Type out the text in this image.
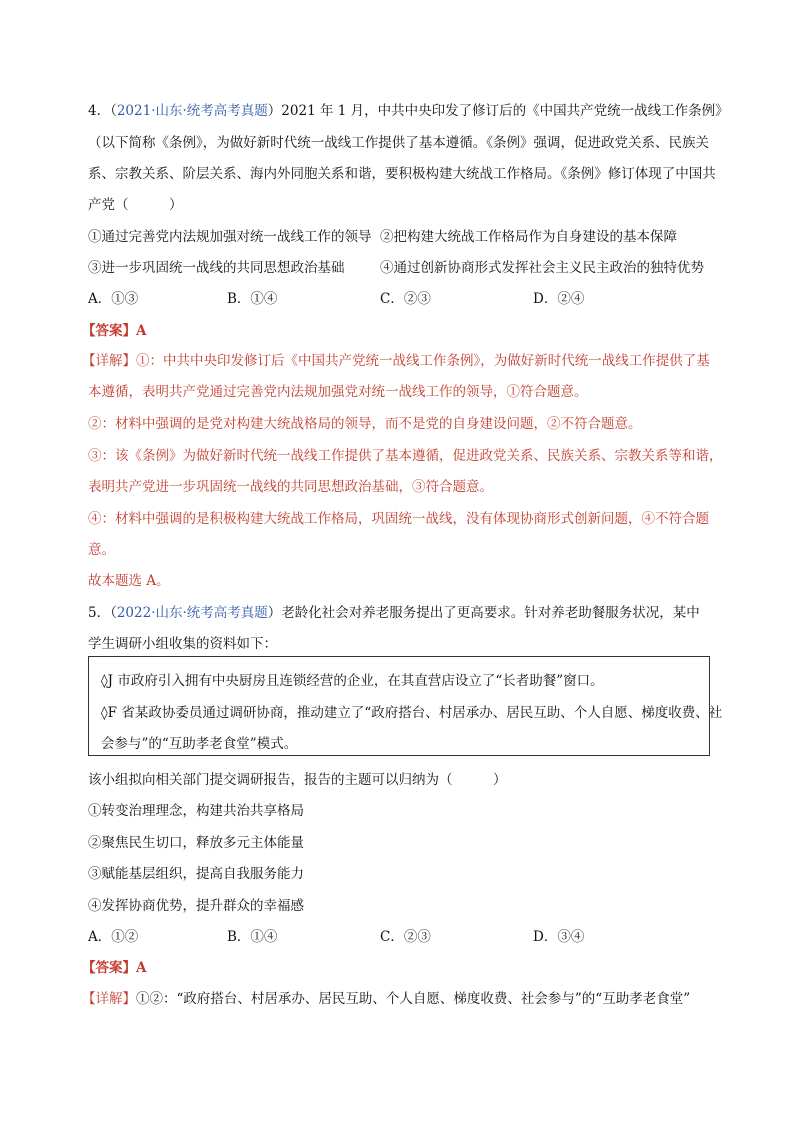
4．（2021·山东·统考高考真题）2021 年 1 月，中共中央印发了修订后的《中国共产党统一战线工作条例》
（以下简称《条例》，为做好新时代统一战线工作提供了基本遵循。《条例》强调，促进政党关系、民族关
系、宗教关系、阶层关系、海内外同胞关系和谐，要积极构建大统战工作格局。《条例》修订体现了中国共
产党（　　　）
①通过完善党内法规加强对统一战线工作的领导 ②把构建大统战工作格局作为自身建设的基本保障
③进一步巩固统一战线的共同思想政治基础	④通过创新协商形式发挥社会主义民主政治的独特优势
A．①③	B．①④	C．②③	D．②④
【答案】A
【详解】①：中共中央印发修订后《中国共产党统一战线工作条例》，为做好新时代统一战线工作提供了基
本遵循，表明共产党通过完善党内法规加强党对统一战线工作的领导，①符合题意。
②：材料中强调的是党对构建大统战格局的领导，而不是党的自身建设问题，②不符合题意。
③：该《条例》为做好新时代统一战线工作提供了基本遵循，促进政党关系、民族关系、宗教关系等和谐，
表明共产党进一步巩固统一战线的共同思想政治基础，③符合题意。
④：材料中强调的是积极构建大统战工作格局，巩固统一战线，没有体现协商形式创新问题，④不符合题
意。
故本题选 A。
5．（2022·山东·统考高考真题）老龄化社会对养老服务提出了更高要求。针对养老助餐服务状况，某中
学生调研小组收集的资料如下：
◊J 市政府引入拥有中央厨房且连锁经营的企业，在其直营店设立了“长者助餐”窗口。
◊F 省某政协委员通过调研协商，推动建立了“政府搭台、村居承办、居民互助、个人自愿、梯度收费、社
会参与”的“互助孝老食堂”模式。
该小组拟向相关部门提交调研报告，报告的主题可以归纳为（　　　）
①转变治理理念，构建共治共享格局
②聚焦民生切口，释放多元主体能量
③赋能基层组织，提高自我服务能力
④发挥协商优势，提升群众的幸福感
A．①②	B．①④	C．②③	D．③④
【答案】A
【详解】①②：“政府搭台、村居承办、居民互助、个人自愿、梯度收费、社会参与”的“互助孝老食堂”
